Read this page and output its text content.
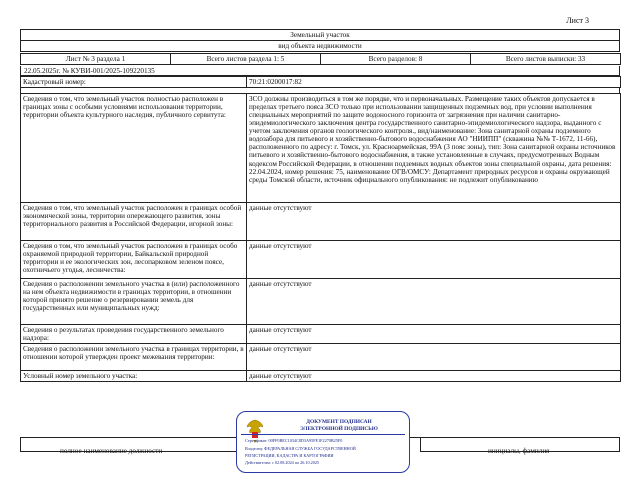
Лист 3
Земельный участок
вид объекта недвижимости
Лист № 3 раздела 1	Всего листов раздела 1: 5	Всего разделов: 8	Всего листов выписки: 33
22.05.2025г. № КУВИ-001/2025-109220135
Кадастровый номер:	70:21:0200017:82
Сведения о том, что земельный участок полностью расположен в границах зоны с особыми условиями использования территории, территории объекта культурного наследия, публичного сервитута:	ЗСО должны производиться в том же порядке, что и первоначальных. Размещение таких объектов допускается в пределах третьего пояса ЗСО только при использовании защищенных подземных вод, при условии выполнения специальных мероприятий по защите водоносного горизонта от загрязнения при наличии санитарно-эпидемиологического заключения центра государственного санитарно-эпидемиологического надзора, выданного с учетом заключения органов геологического контроля., вид/наименование: Зона санитарной охраны подземного водозабора для питьевого и хозяйственно-бытового водоснабжения АО "НИИПП" (скважина №№ Т-1672, 11-66), расположенного по адресу: г. Томск, ул. Красноармейская, 99А (3 пояс зоны), тип: Зона санитарной охраны источников питьевого и хозяйственно-бытового водоснабжения, в также установленные в случаях, предусмотренных Водным кодексом Российской Федерации, в отношении подземных водных объектов зоны специальной охраны, дата решения: 22.04.2024, номер решения: 75, наименование ОГВ/ОМСУ: Департамент природных ресурсов и охраны окружающей среды Томской области, источник официального опубликования: не подлежит опубликованию
Сведения о том, что земельный участок расположен в границах особой экономической зоны, территории опережающего развития, зоны территориального развития в Российской Федерации, игорной зоны:	данные отсутствуют
Сведения о том, что земельный участок расположен в границах особо охраняемой природной территории, Байкальской природной территории и ее экологических зон, лесопарковом зеленом поясе, охотничьего угодья, лесничества:	данные отсутствуют
Сведения о расположении земельного участка в (или) расположенного на нем объекта недвижимости в границах территории, в отношении которой принято решение о резервировании земель для государственных или муниципальных нужд:	данные отсутствуют
Сведения о результатах проведения государственного земельного надзора:	данные отсутствуют
Сведения о расположении земельного участка в границах территории, в отношении которой утвержден проект межевания территории:	данные отсутствуют
Условный номер земельного участка:	данные отсутствуют
полное наименование должности	инициалы, фамилия
ДОКУМЕНТ ПОДПИСАН
ЭЛЕКТРОННОЙ ПОДПИСЬЮ
Сертификат: 00FF0BEC1034C8D3A95FE1F2270B25F0
Владелец: ФЕДЕРАЛЬНАЯ СЛУЖБА ГОСУДАРСТВЕННОЙ
РЕГИСТРАЦИИ, КАДАСТРА И КАРТОГРАФИИ
Действителен: с 02.08.2024 по 26.10.2025
